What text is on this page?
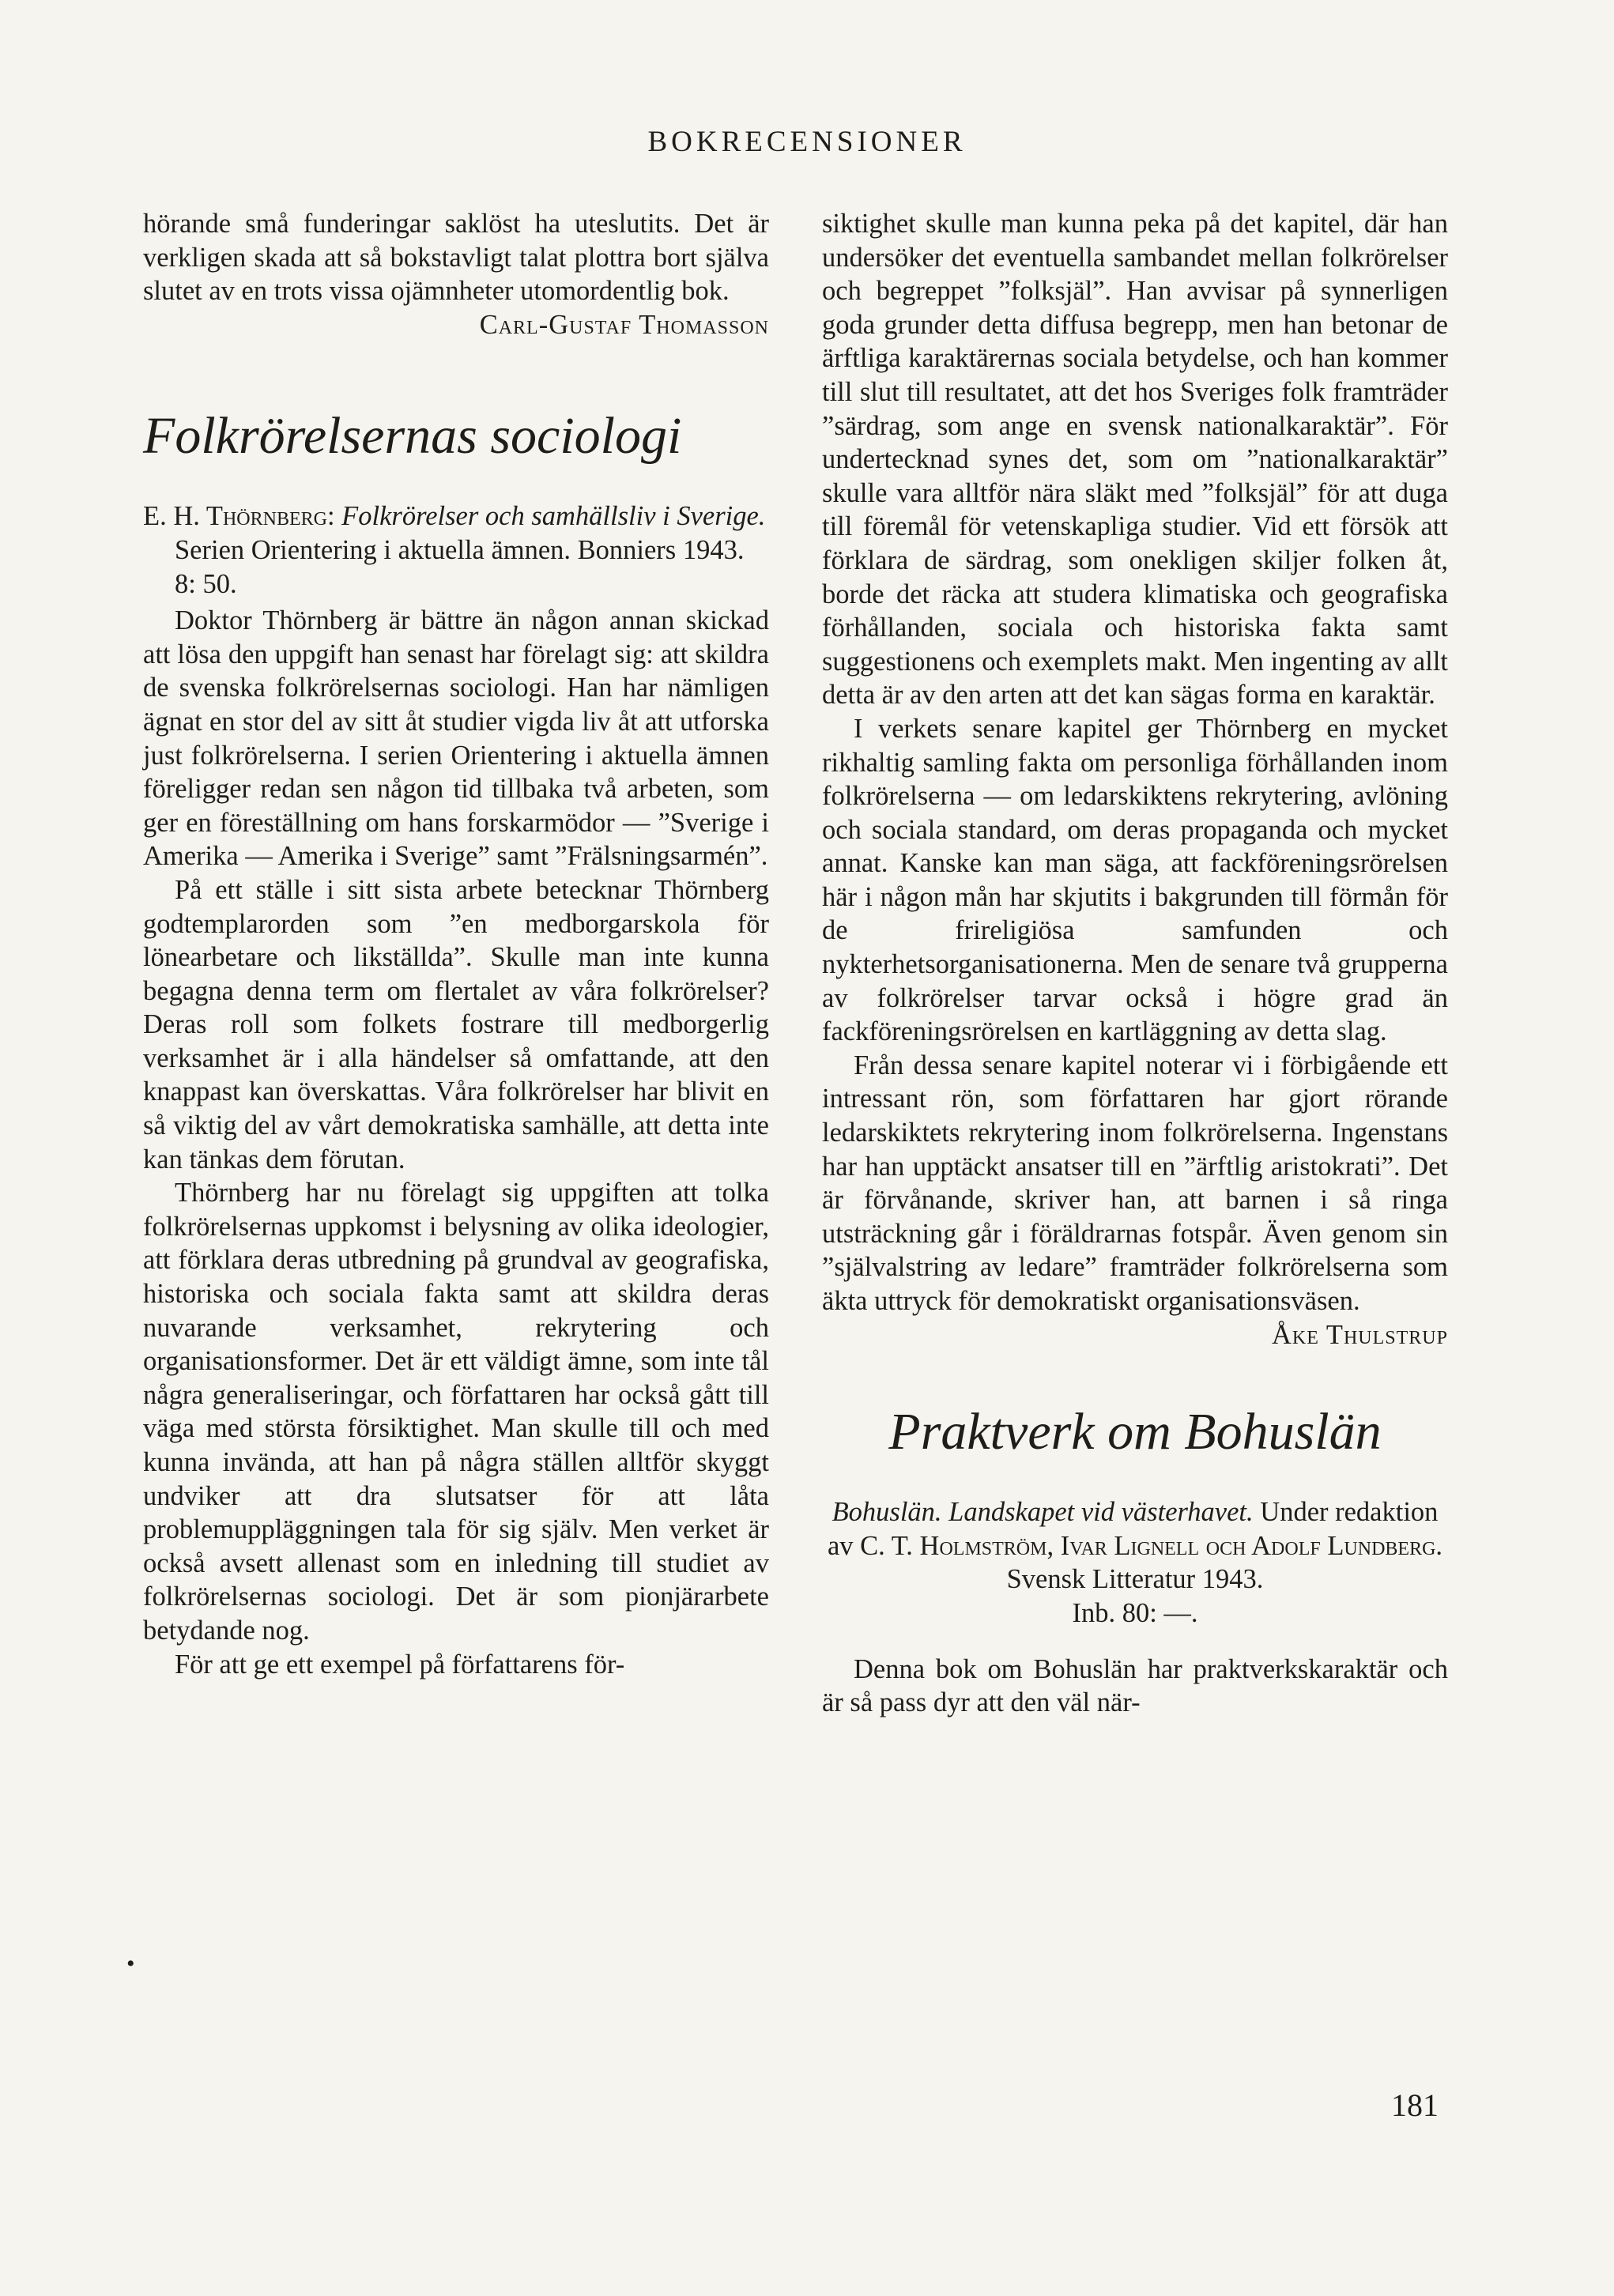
BOKRECENSIONER
•

hörande små funderingar saklöst ha uteslutits. Det är verkligen skada att så bokstavligt talat plottra bort själva slutet av en trots vissa ojämnheter utomordentlig bok.

Carl-Gustaf Thomasson

Folkrörelsernas sociologi

E. H. Thörnberg: Folkrörelser och samhällsliv i Sverige. Serien Orientering i aktuella ämnen. Bonniers 1943. 8: 50.

Doktor Thörnberg är bättre än någon annan skickad att lösa den uppgift han senast har förelagt sig: att skildra de svenska folkrörelsernas sociologi. Han har nämligen ägnat en stor del av sitt åt studier vigda liv åt att utforska just folkrörelserna. I serien Orientering i aktuella ämnen föreligger redan sen någon tid tillbaka två arbeten, som ger en föreställning om hans forskarmödor — ”Sverige i Amerika — Amerika i Sverige” samt ”Frälsningsarmén”.

På ett ställe i sitt sista arbete betecknar Thörnberg godtemplarorden som ”en medborgarskola för lönearbetare och likställda”. Skulle man inte kunna begagna denna term om flertalet av våra folkrörelser? Deras roll som folkets fostrare till medborgerlig verksamhet är i alla händelser så omfattande, att den knappast kan överskattas. Våra folkrörelser har blivit en så viktig del av vårt demokratiska samhälle, att detta inte kan tänkas dem förutan.

Thörnberg har nu förelagt sig uppgiften att tolka folkrörelsernas uppkomst i belysning av olika ideologier, att förklara deras utbredning på grundval av geografiska, historiska och sociala fakta samt att skildra deras nuvarande verksamhet, rekrytering och organisationsformer. Det är ett väldigt ämne, som inte tål några generaliseringar, och författaren har också gått till väga med största försiktighet. Man skulle till och med kunna invända, att han på några ställen alltför skyggt undviker att dra slutsatser för att låta problemuppläggningen tala för sig själv. Men verket är också avsett allenast som en inledning till studiet av folkrörelsernas sociologi. Det är som pionjärarbete betydande nog.

För att ge ett exempel på författarens för-

siktighet skulle man kunna peka på det kapitel, där han undersöker det eventuella sambandet mellan folkrörelser och begreppet ”folksjäl”. Han avvisar på synnerligen goda grunder detta diffusa begrepp, men han betonar de ärftliga karaktärernas sociala betydelse, och han kommer till slut till resultatet, att det hos Sveriges folk framträder ”särdrag, som ange en svensk nationalkaraktär”. För undertecknad synes det, som om ”nationalkaraktär” skulle vara alltför nära släkt med ”folksjäl” för att duga till föremål för vetenskapliga studier. Vid ett försök att förklara de särdrag, som onekligen skiljer folken åt, borde det räcka att studera klimatiska och geografiska förhållanden, sociala och historiska fakta samt suggestionens och exemplets makt. Men ingenting av allt detta är av den arten att det kan sägas forma en karaktär.

I verkets senare kapitel ger Thörnberg en mycket rikhaltig samling fakta om personliga förhållanden inom folkrörelserna — om ledarskiktens rekrytering, avlöning och sociala standard, om deras propaganda och mycket annat. Kanske kan man säga, att fackföreningsrörelsen här i någon mån har skjutits i bakgrunden till förmån för de frireligiösa samfunden och nykterhetsorganisationerna. Men de senare två grupperna av folkrörelser tarvar också i högre grad än fackföreningsrörelsen en kartläggning av detta slag.

Från dessa senare kapitel noterar vi i förbigående ett intressant rön, som författaren har gjort rörande ledarskiktets rekrytering inom folkrörelserna. Ingenstans har han upptäckt ansatser till en ”ärftlig aristokrati”. Det är förvånande, skriver han, att barnen i så ringa utsträckning går i föräldrarnas fotspår. Även genom sin ”självalstring av ledare” framträder folkrörelserna som äkta uttryck för demokratiskt organisationsväsen.

Åke Thulstrup

Praktverk om Bohuslän

Bohuslän. Landskapet vid västerhavet. Under redaktion av C. T. Holmström, Ivar Lignell och Adolf Lundberg.

Svensk Litteratur 1943.

Inb. 80: —.

Denna bok om Bohuslän har praktverkskaraktär och är så pass dyr att den väl när-

181
